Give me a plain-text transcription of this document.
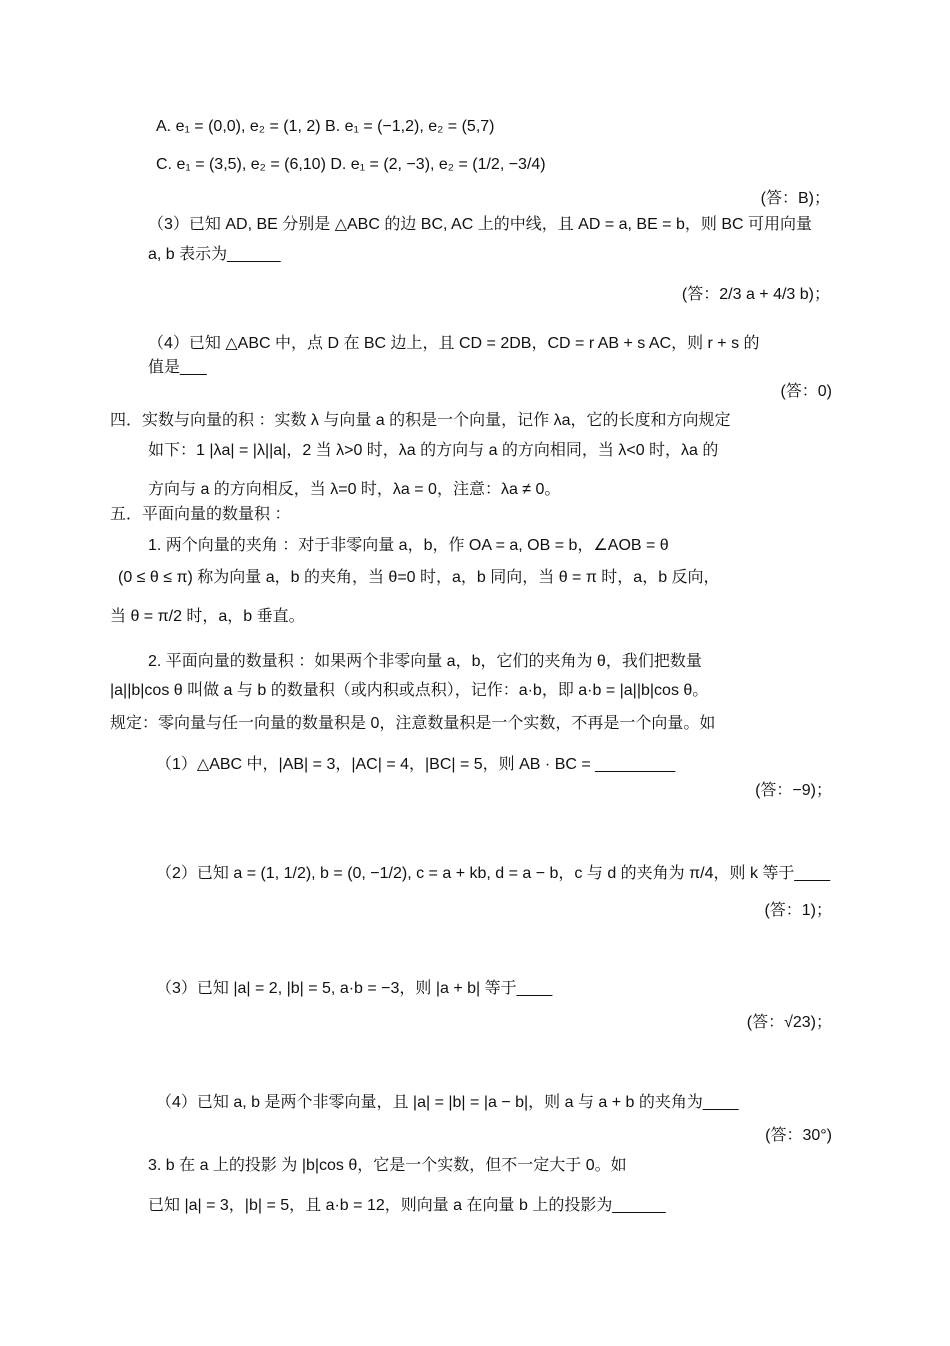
A. e₁ = (0,0), e₂ = (1, 2) B. e₁ = (−1,2), e₂ = (5,7)
C. e₁ = (3,5), e₂ = (6,10) D. e₁ = (2, −3), e₂ = (1/2, −3/4)
(答：B)；
（3）已知 AD, BE 分别是 △ABC 的边 BC, AC 上的中线，且 AD = a, BE = b，则 BC 可用向量
a, b 表示为______
(答：2/3 a + 4/3 b)；
（4）已知 △ABC 中，点 D 在 BC 边上，且 CD = 2DB，CD = r AB + s AC，则 r + s 的
值是___
(答：0)
四．实数与向量的积 ：实数 λ 与向量 a 的积是一个向量，记作 λa，它的长度和方向规定
如下：1 |λa| = |λ||a|，2 当 λ>0 时，λa 的方向与 a 的方向相同，当 λ<0 时，λa 的
方向与 a 的方向相反，当 λ=0 时，λa = 0，注意：λa ≠ 0。
五．平面向量的数量积 ：
1. 两个向量的夹角 ：对于非零向量 a，b，作 OA = a, OB = b，∠AOB = θ
(0 ≤ θ ≤ π) 称为向量 a，b 的夹角，当 θ=0 时，a，b 同向，当 θ = π 时，a，b 反向，
当 θ = π/2 时，a，b 垂直。
2. 平面向量的数量积 ：如果两个非零向量 a，b，它们的夹角为 θ，我们把数量
|a||b|cos θ 叫做 a 与 b 的数量积（或内积或点积），记作：a·b，即 a·b = |a||b|cos θ。
规定：零向量与任一向量的数量积是 0，注意数量积是一个实数，不再是一个向量。如
（1）△ABC 中，|AB| = 3，|AC| = 4，|BC| = 5，则 AB · BC = _________
(答：−9)；
（2）已知 a = (1, 1/2), b = (0, −1/2), c = a + kb, d = a − b，c 与 d 的夹角为 π/4，则 k 等于____
(答：1)；
（3）已知 |a| = 2, |b| = 5, a·b = −3，则 |a + b| 等于____
(答：√23)；
（4）已知 a, b 是两个非零向量，且 |a| = |b| = |a − b|，则 a 与 a + b 的夹角为____
(答：30°)
3. b 在 a 上的投影 为 |b|cos θ，它是一个实数，但不一定大于 0。如
已知 |a| = 3，|b| = 5，且 a·b = 12，则向量 a 在向量 b 上的投影为______
